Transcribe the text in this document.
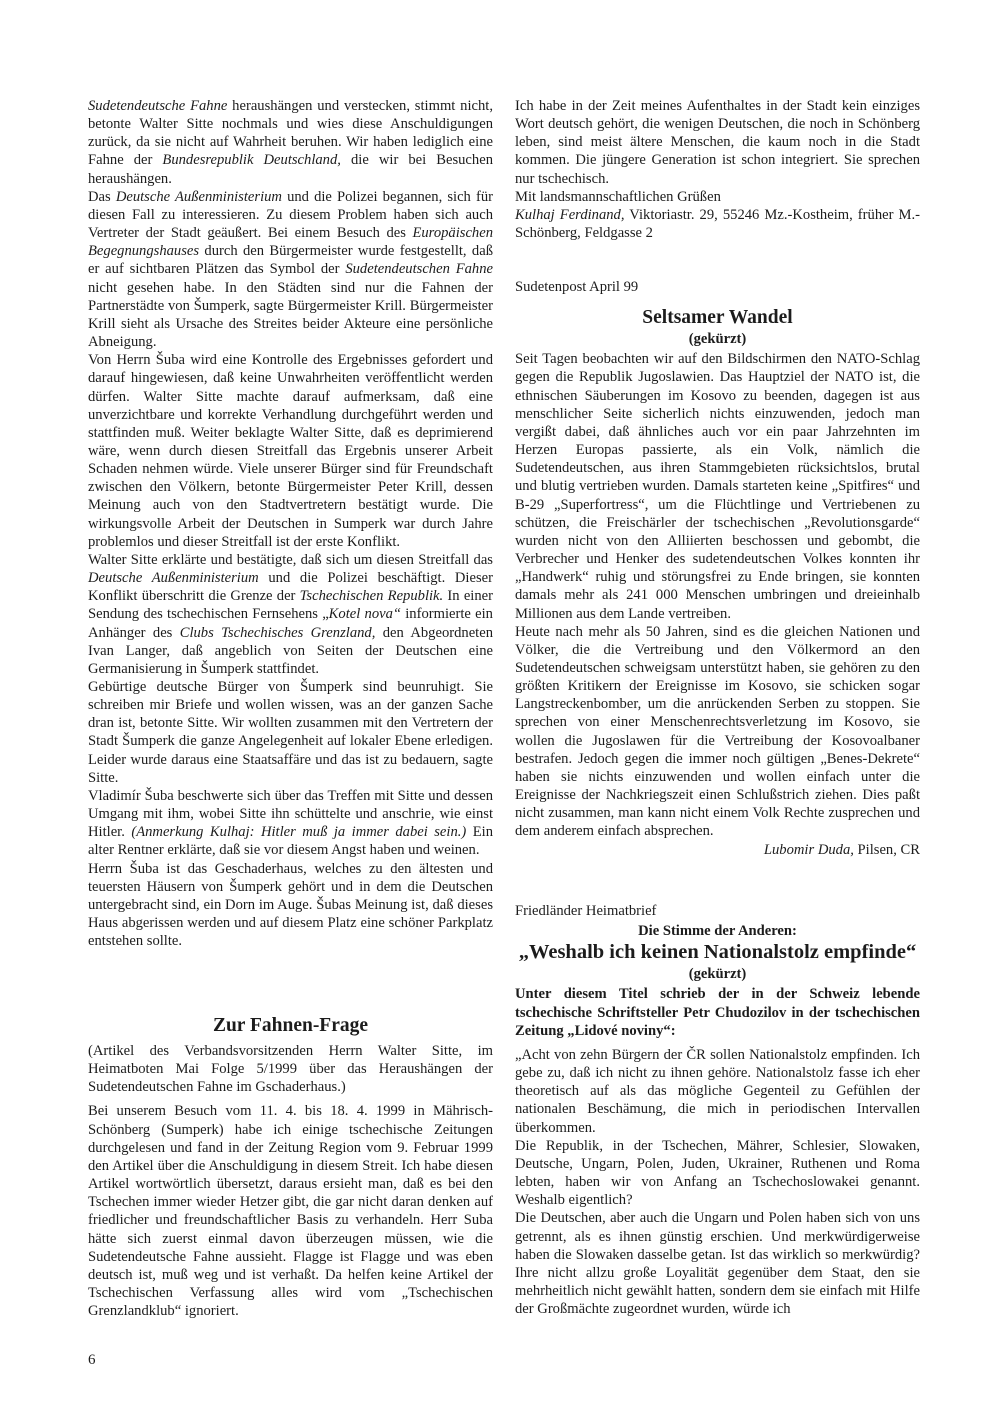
Sudetendeutsche Fahne heraushängen und verstecken, stimmt nicht, betonte Walter Sitte nochmals und wies diese Anschuldigungen zurück, da sie nicht auf Wahrheit beruhen. Wir haben lediglich eine Fahne der Bundesrepublik Deutschland, die wir bei Besuchen heraushängen.

Das Deutsche Außenministerium und die Polizei begannen, sich für diesen Fall zu interessieren. Zu diesem Problem haben sich auch Vertreter der Stadt geäußert. Bei einem Besuch des Europäischen Begegnungshauses durch den Bürgermeister wurde festgestellt, daß er auf sichtbaren Plätzen das Symbol der Sudetendeutschen Fahne nicht gesehen habe. In den Städten sind nur die Fahnen der Partnerstädte von Šumperk, sagte Bürgermeister Krill. Bürgermeister Krill sieht als Ursache des Streites beider Akteure eine persönliche Abneigung.

Von Herrn Šuba wird eine Kontrolle des Ergebnisses gefordert und darauf hingewiesen, daß keine Unwahrheiten veröffentlicht werden dürfen. Walter Sitte machte darauf aufmerksam, daß eine unverzichtbare und korrekte Verhandlung durchgeführt werden und stattfinden muß. Weiter beklagte Walter Sitte, daß es deprimierend wäre, wenn durch diesen Streitfall das Ergebnis unserer Arbeit Schaden nehmen würde. Viele unserer Bürger sind für Freundschaft zwischen den Völkern, betonte Bürgermeister Peter Krill, dessen Meinung auch von den Stadtvertretern bestätigt wurde. Die wirkungsvolle Arbeit der Deutschen in Sumperk war durch Jahre problemlos und dieser Streitfall ist der erste Konflikt.

Walter Sitte erklärte und bestätigte, daß sich um diesen Streitfall das Deutsche Außenministerium und die Polizei beschäftigt. Dieser Konflikt überschritt die Grenze der Tschechischen Republik. In einer Sendung des tschechischen Fernsehens „Kotel nova“ informierte ein Anhänger des Clubs Tschechisches Grenzland, den Abgeordneten Ivan Langer, daß angeblich von Seiten der Deutschen eine Germanisierung in Šumperk stattfindet.

Gebürtige deutsche Bürger von Šumperk sind beunruhigt. Sie schreiben mir Briefe und wollen wissen, was an der ganzen Sache dran ist, betonte Sitte. Wir wollten zusammen mit den Vertretern der Stadt Šumperk die ganze Angelegenheit auf lokaler Ebene erledigen. Leider wurde daraus eine Staatsaffäre und das ist zu bedauern, sagte Sitte.

Vladimír Šuba beschwerte sich über das Treffen mit Sitte und dessen Umgang mit ihm, wobei Sitte ihn schüttelte und anschrie, wie einst Hitler. (Anmerkung Kulhaj: Hitler muß ja immer dabei sein.) Ein alter Rentner erklärte, daß sie vor diesem Angst haben und weinen.

Herrn Šuba ist das Geschaderhaus, welches zu den ältesten und teuersten Häusern von Šumperk gehört und in dem die Deutschen untergebracht sind, ein Dorn im Auge. Šubas Meinung ist, daß dieses Haus abgerissen werden und auf diesem Platz eine schöner Parkplatz entstehen sollte.

Zur Fahnen-Frage

(Artikel des Verbandsvorsitzenden Herrn Walter Sitte, im Heimatboten Mai Folge 5/1999 über das Heraushängen der Sudetendeutschen Fahne im Gschaderhaus.)

Bei unserem Besuch vom 11. 4. bis 18. 4. 1999 in Mährisch-Schönberg (Sumperk) habe ich einige tschechische Zeitungen durchgelesen und fand in der Zeitung Region vom 9. Februar 1999 den Artikel über die Anschuldigung in diesem Streit. Ich habe diesen Artikel wortwörtlich übersetzt, daraus ersieht man, daß es bei den Tschechen immer wieder Hetzer gibt, die gar nicht daran denken auf friedlicher und freundschaftlicher Basis zu verhandeln. Herr Suba hätte sich zuerst einmal davon überzeugen müssen, wie die Sudetendeutsche Fahne aussieht. Flagge ist Flagge und was eben deutsch ist, muß weg und ist verhaßt. Da helfen keine Artikel der Tschechischen Verfassung alles wird vom „Tschechischen Grenzlandklub“ ignoriert.

Ich habe in der Zeit meines Aufenthaltes in der Stadt kein einziges Wort deutsch gehört, die wenigen Deutschen, die noch in Schönberg leben, sind meist ältere Menschen, die kaum noch in die Stadt kommen. Die jüngere Generation ist schon integriert. Sie sprechen nur tschechisch.

Mit landsmannschaftlichen Grüßen

Kulhaj Ferdinand, Viktoriastr. 29, 55246 Mz.-Kostheim, früher M.-Schönberg, Feldgasse 2

Sudetenpost April 99
Seltsamer Wandel
(gekürzt)

Seit Tagen beobachten wir auf den Bildschirmen den NATO-Schlag gegen die Republik Jugoslawien. Das Hauptziel der NATO ist, die ethnischen Säuberungen im Kosovo zu beenden, dagegen ist aus menschlicher Seite sicherlich nichts einzuwenden, jedoch man vergißt dabei, daß ähnliches auch vor ein paar Jahrzehnten im Herzen Europas passierte, als ein Volk, nämlich die Sudetendeutschen, aus ihren Stammgebieten rücksichtslos, brutal und blutig vertrieben wurden. Damals starteten keine „Spitfires“ und B-29 „Superfortress“, um die Flüchtlinge und Vertriebenen zu schützen, die Freischärler der tschechischen „Revolutionsgarde“ wurden nicht von den Alliierten beschossen und gebombt, die Verbrecher und Henker des sudetendeutschen Volkes konnten ihr „Handwerk“ ruhig und störungsfrei zu Ende bringen, sie konnten damals mehr als 241 000 Menschen umbringen und dreieinhalb Millionen aus dem Lande vertreiben.

Heute nach mehr als 50 Jahren, sind es die gleichen Nationen und Völker, die die Vertreibung und den Völkermord an den Sudetendeutschen schweigsam unterstützt haben, sie gehören zu den größten Kritikern der Ereignisse im Kosovo, sie schicken sogar Langstreckenbomber, um die anrückenden Serben zu stoppen. Sie sprechen von einer Menschenrechtsverletzung im Kosovo, sie wollen die Jugoslawen für die Vertreibung der Kosovoalbaner bestrafen. Jedoch gegen die immer noch gültigen „Benes-Dekrete“ haben sie nichts einzuwenden und wollen einfach unter die Ereignisse der Nachkriegszeit einen Schlußstrich ziehen. Dies paßt nicht zusammen, man kann nicht einem Volk Rechte zusprechen und dem anderem einfach absprechen.

Lubomir Duda, Pilsen, CR

Friedländer Heimatbrief
Die Stimme der Anderen:
„Weshalb ich keinen Nationalstolz empfinde“
(gekürzt)

Unter diesem Titel schrieb der in der Schweiz lebende tschechische Schriftsteller Petr Chudozilov in der tschechischen Zeitung „Lidové noviny“:

„Acht von zehn Bürgern der ČR sollen Nationalstolz empfinden. Ich gebe zu, daß ich nicht zu ihnen gehöre. Nationalstolz fasse ich eher theoretisch auf als das mögliche Gegenteil zu Gefühlen der nationalen Beschämung, die mich in periodischen Intervallen überkommen.

Die Republik, in der Tschechen, Mährer, Schlesier, Slowaken, Deutsche, Ungarn, Polen, Juden, Ukrainer, Ruthenen und Roma lebten, haben wir von Anfang an Tschechoslowakei genannt. Weshalb eigentlich?

Die Deutschen, aber auch die Ungarn und Polen haben sich von uns getrennt, als es ihnen günstig erschien. Und merkwürdigerweise haben die Slowaken dasselbe getan. Ist das wirklich so merkwürdig? Ihre nicht allzu große Loyalität gegenüber dem Staat, den sie mehrheitlich nicht gewählt hatten, sondern dem sie einfach mit Hilfe der Großmächte zugeordnet wurden, würde ich

6
